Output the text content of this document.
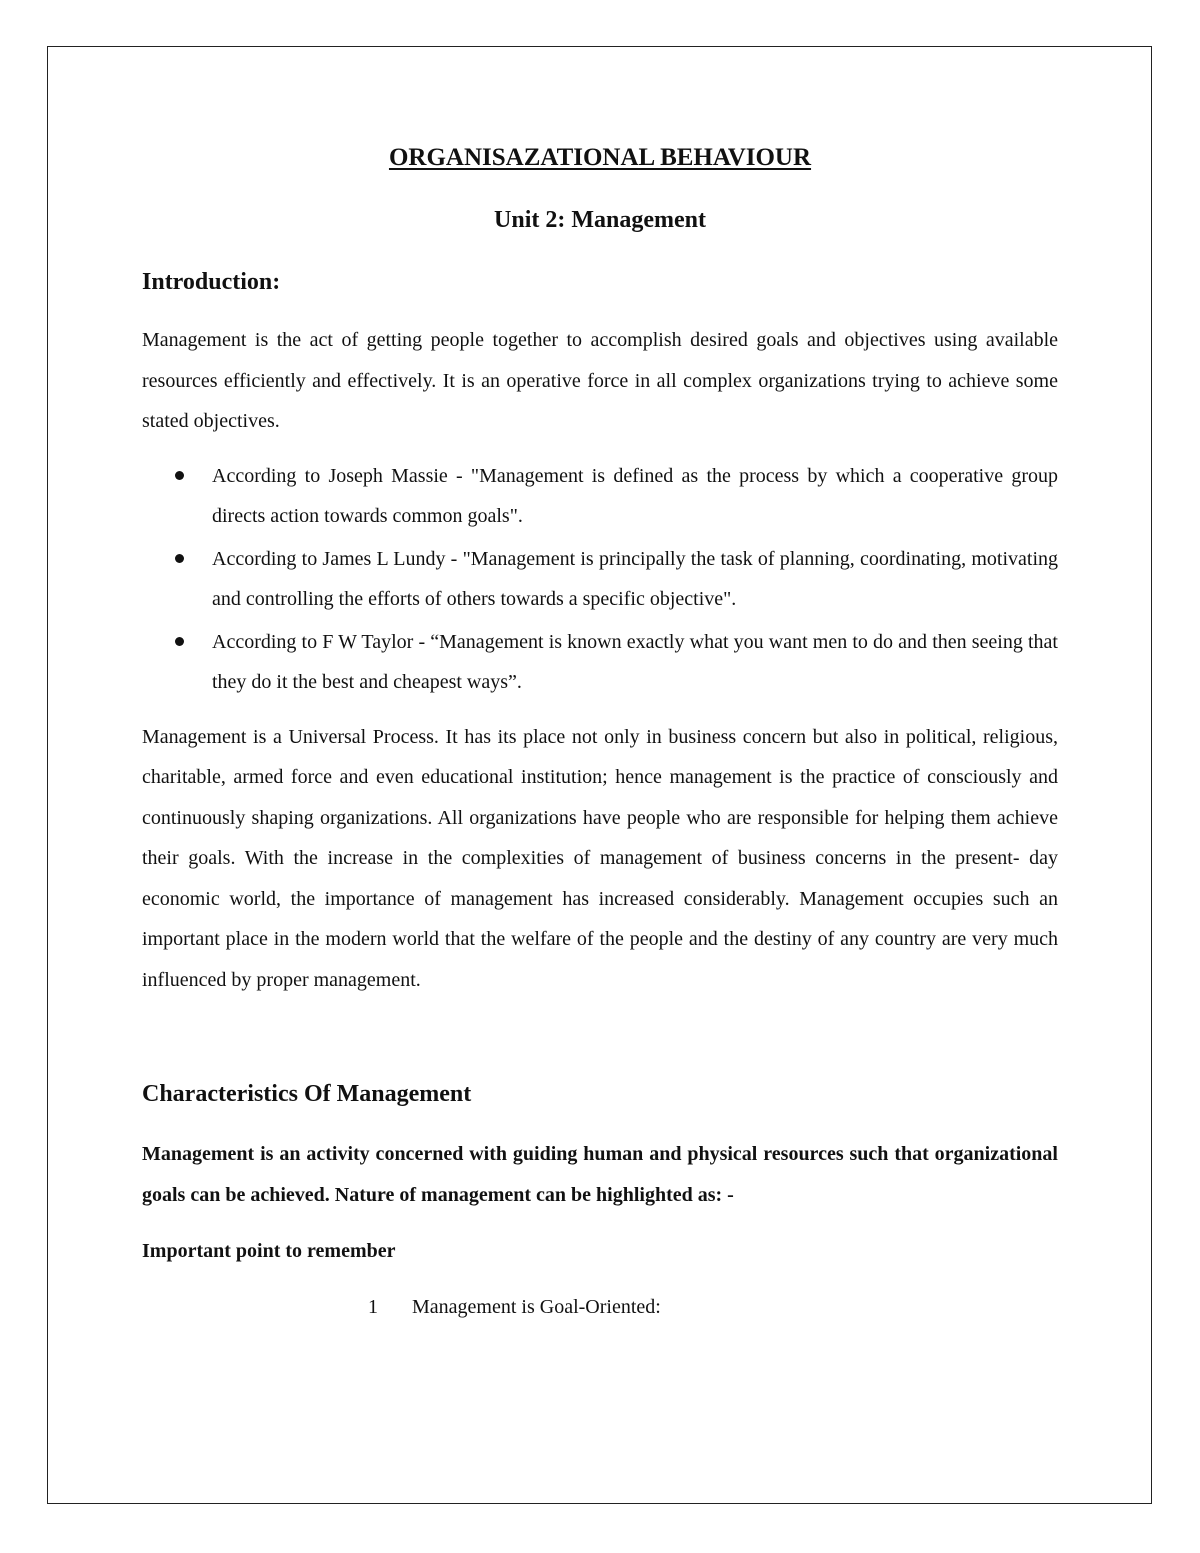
ORGANISAZATIONAL BEHAVIOUR
Unit 2: Management
Introduction:

Management is the act of getting people together to accomplish desired goals and objectives using available resources efficiently and effectively. It is an operative force in all complex organizations trying to achieve some stated objectives.

According to Joseph Massie - "Management is defined as the process by which a cooperative group directs action towards common goals".
According to James L Lundy - "Management is principally the task of planning, coordinating, motivating and controlling the efforts of others towards a specific objective".
According to F W Taylor - “Management is known exactly what you want men to do and then seeing that they do it the best and cheapest ways”.

Management is a Universal Process. It has its place not only in business concern but also in political, religious, charitable, armed force and even educational institution; hence management is the practice of consciously and continuously shaping organizations. All organizations have people who are responsible for helping them achieve their goals. With the increase in the complexities of management of business concerns in the present- day economic world, the importance of management has increased considerably. Management occupies such an important place in the modern world that the welfare of the people and the destiny of any country are very much influenced by proper management.

Characteristics Of Management

Management is an activity concerned with guiding human and physical resources such that organizational goals can be achieved. Nature of management can be highlighted as: -

Important point to remember

1 Management is Goal-Oriented:
